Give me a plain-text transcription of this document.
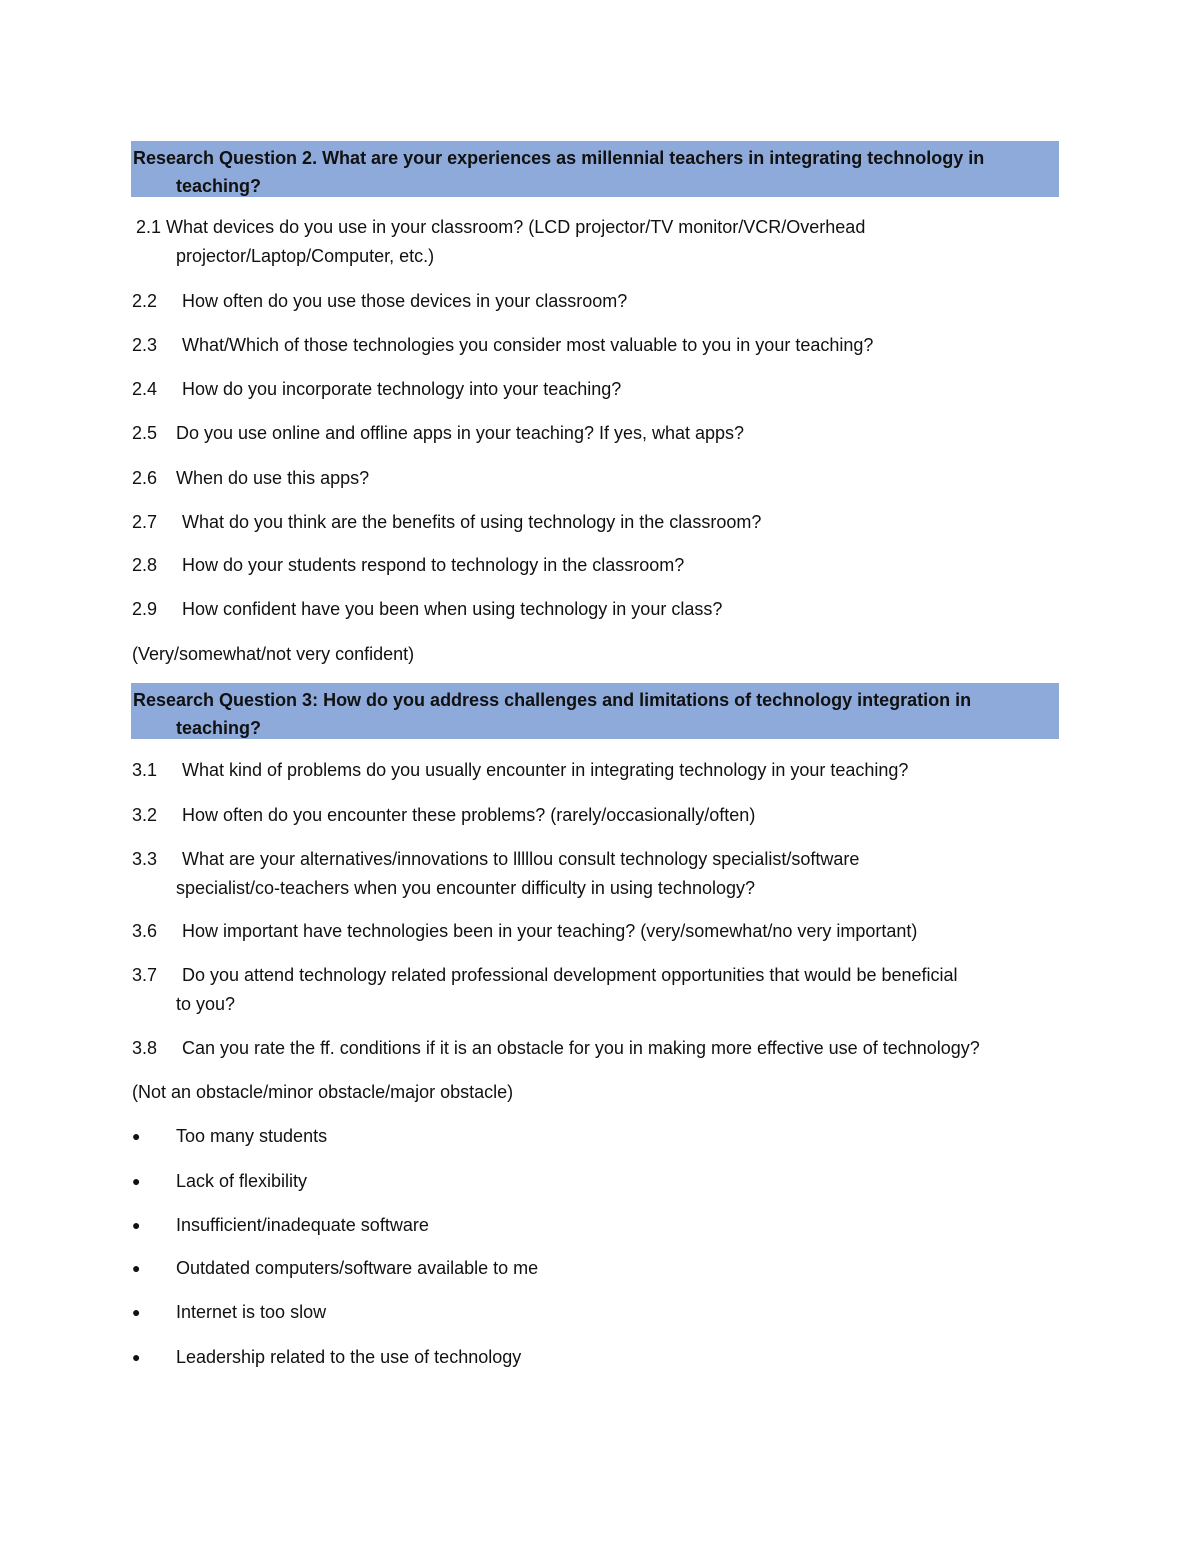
Research Question 2. What are your experiences as millennial teachers in integrating technology in
teaching?
2.1 What devices do you use in your classroom? (LCD projector/TV monitor/VCR/Overhead
projector/Laptop/Computer, etc.)
2.2 How often do you use those devices in your classroom?
2.3 What/Which of those technologies you consider most valuable to you in your teaching?
2.4 How do you incorporate technology into your teaching?
2.5 Do you use online and offline apps in your teaching? If yes, what apps?
2.6 When do use this apps?
2.7 What do you think are the benefits of using technology in the classroom?
2.8 How do your students respond to technology in the classroom?
2.9 How confident have you been when using technology in your class?
(Very/somewhat/not very confident)
Research Question 3: How do you address challenges and limitations of technology integration in
teaching?
3.1 What kind of problems do you usually encounter in integrating technology in your teaching?
3.2 How often do you encounter these problems? (rarely/occasionally/often)
3.3 What are your alternatives/innovations to lllllou consult technology specialist/software
specialist/co-teachers when you encounter difficulty in using technology?
3.6 How important have technologies been in your teaching? (very/somewhat/no very important)
3.7 Do you attend technology related professional development opportunities that would be beneficial
to you?
3.8 Can you rate the ff. conditions if it is an obstacle for you in making more effective use of technology?
(Not an obstacle/minor obstacle/major obstacle)
● Too many students
● Lack of flexibility
● Insufficient/inadequate software
● Outdated computers/software available to me
● Internet is too slow
● Leadership related to the use of technology
